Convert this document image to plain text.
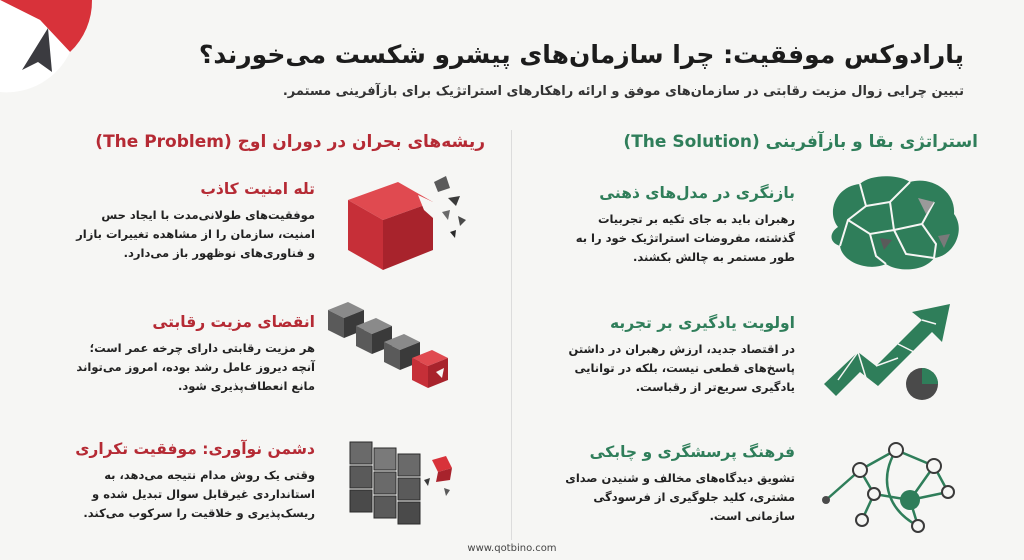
پارادوکس موفقیت: چرا سازمان‌های پیشرو شکست می‌خورند؟
تبیین چرایی زوال مزیت رقابتی در سازمان‌های موفق و ارائه راهکارهای استراتژیک برای بازآفرینی مستمر.
ریشه‌های بحران در دوران اوج (The Problem)
تله امنیت کاذب

موفقیت‌های طولانی‌مدت با ایجاد حس امنیت، سازمان را از مشاهده تغییرات بازار و فناوری‌های نوظهور باز می‌دارد.

انقضای مزیت رقابتی

هر مزیت رقابتی دارای چرخه عمر است؛ آنچه دیروز عامل رشد بوده، امروز می‌تواند مانع انعطاف‌پذیری شود.

دشمن نوآوری: موفقیت تکراری

وقتی یک روش مدام نتیجه می‌دهد، به استانداردی غیرقابل سوال تبدیل شده و ریسک‌پذیری و خلاقیت را سرکوب می‌کند.

استراتژی بقا و بازآفرینی (The Solution)
بازنگری در مدل‌های ذهنی

رهبران باید به جای تکیه بر تجربیات گذشته، مفروضات استراتژیک خود را به طور مستمر به چالش بکشند.

اولویت یادگیری بر تجربه

در اقتصاد جدید، ارزش رهبران در داشتن پاسخ‌های قطعی نیست، بلکه در توانایی یادگیری سریع‌تر از رقباست.

فرهنگ پرسشگری و چابکی

تشویق دیدگاه‌های مخالف و شنیدن صدای مشتری، کلید جلوگیری از فرسودگی سازمانی است.

www.qotbino.com
